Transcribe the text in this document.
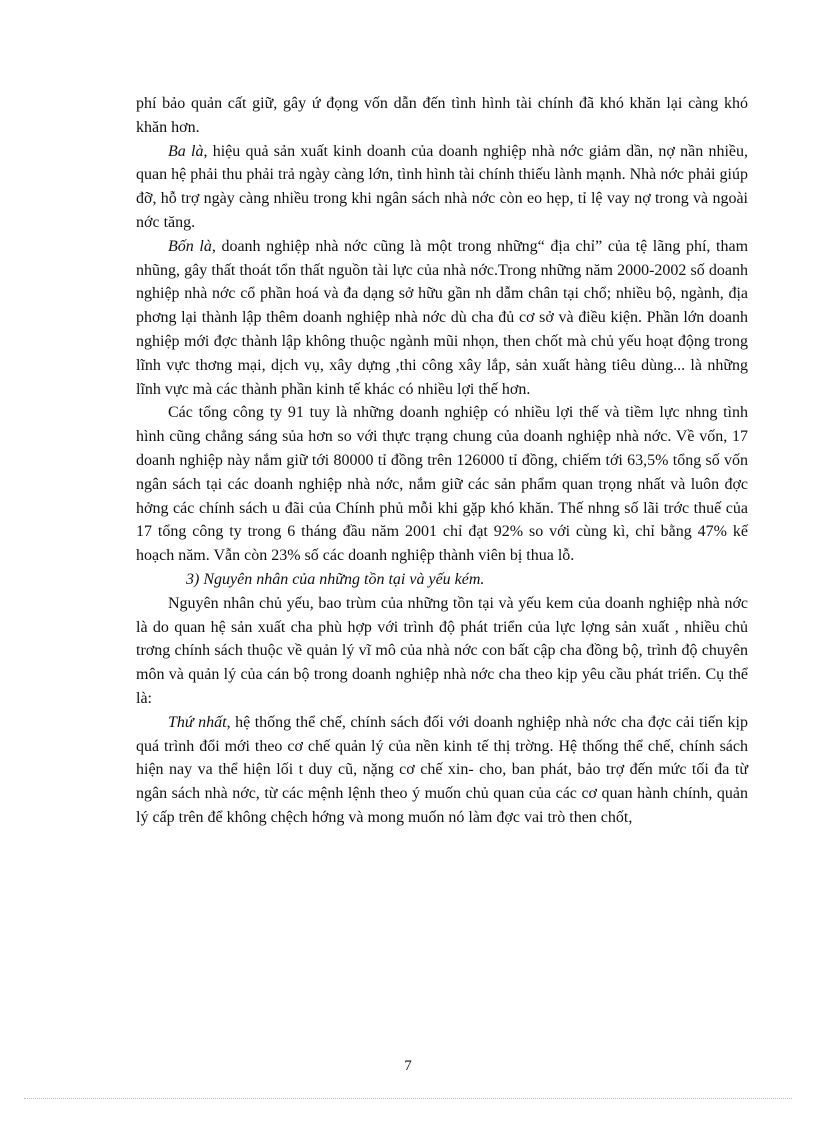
phí bảo quản cất giữ, gây ứ đọng vốn dẫn đến tình hình tài chính đã khó khăn lại càng khó khăn hơn.

Ba là, hiệu quả sản xuất kinh doanh của doanh nghiệp nhà nớc giảm dần, nợ nần nhiều, quan hệ phải thu phải trả ngày càng lớn, tình hình tài chính thiếu lành mạnh. Nhà nớc phải giúp đỡ, hỗ trợ ngày càng nhiều trong khi ngân sách nhà nớc còn eo hẹp, tỉ lệ vay nợ trong và ngoài nớc tăng.

Bốn là, doanh nghiệp nhà nớc cũng là một trong những“ địa chỉ” của tệ lãng phí, tham nhũng, gây thất thoát tổn thất nguồn tài lực của nhà nớc.Trong những năm 2000-2002 số doanh nghiệp nhà nớc cổ phần hoá và đa dạng sở hữu gần nh dẫm chân tại chổ; nhiều bộ, ngành, địa phơng lại thành lập thêm doanh nghiệp nhà nớc dù cha đủ cơ sở và điều kiện. Phần lớn doanh nghiệp mới đợc thành lập không thuộc ngành mũi nhọn, then chốt mà chủ yếu hoạt động trong lĩnh vực thơng mại, dịch vụ, xây dựng ,thi công xây lắp, sản xuất hàng tiêu dùng... là những lĩnh vực mà các thành phần kinh tế khác có nhiều lợi thế hơn.

Các tổng công ty 91 tuy là những doanh nghiệp có nhiều lợi thế và tiềm lực nhng tình hình cũng chẳng sáng sủa hơn so với thực trạng chung của doanh nghiệp nhà nớc. Về vốn, 17 doanh nghiệp này nắm giữ tới 80000 tỉ đồng trên 126000 tỉ đồng, chiếm tới 63,5% tổng số vốn ngân sách tại các doanh nghiệp nhà nớc, nắm giữ các sản phẩm quan trọng nhất và luôn đợc hởng các chính sách u đãi của Chính phủ mỗi khi gặp khó khăn. Thế nhng số lãi trớc thuế của 17 tổng công ty trong 6 tháng đầu năm 2001 chỉ đạt 92% so với cùng kì, chỉ bằng 47% kế hoạch năm. Vẫn còn 23% số các doanh nghiệp thành viên bị thua lỗ.

3) Nguyên nhân của những tồn tại và yếu kém.

Nguyên nhân chủ yếu, bao trùm của những tồn tại và yếu kem của doanh nghiệp nhà nớc là do quan hệ sản xuất cha phù hợp với trình độ phát triển của lực lợng sản xuất , nhiều chủ trơng chính sách thuộc về quản lý vĩ mô của nhà nớc con bất cập cha đồng bộ, trình độ chuyên môn và quản lý của cán bộ trong doanh nghiệp nhà nớc cha theo kịp yêu cầu phát triển. Cụ thể là:

Thứ nhất, hệ thống thể chế, chính sách đối với doanh nghiệp nhà nớc cha đợc cải tiến kịp quá trình đổi mới theo cơ chế quản lý của nền kinh tế thị trờng. Hệ thống thể chế, chính sách hiện nay va thể hiện lối t duy cũ, nặng cơ chế xin- cho, ban phát, bảo trợ đến mức tối đa từ ngân sách nhà nớc, từ các mệnh lệnh theo ý muốn chủ quan của các cơ quan hành chính, quản lý cấp trên để không chệch hớng và mong muốn nó làm đợc vai trò then chốt,

7
